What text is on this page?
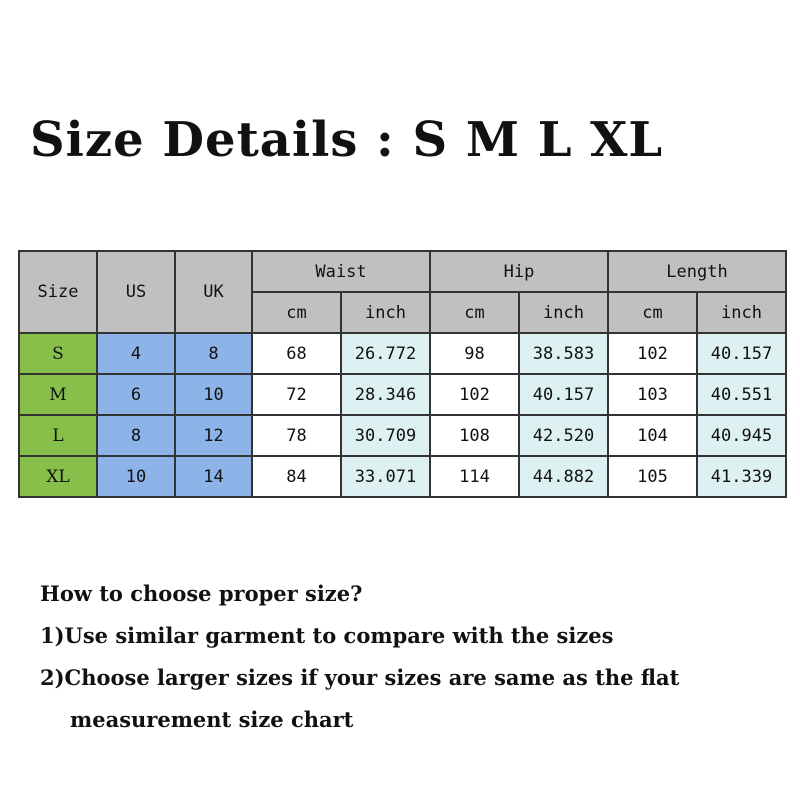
Size Details : S M L XL
Size	US	UK	Waist		Hip		Length	
			cm	inch	cm	inch	cm	inch
S	4	8	68	26.772	98	38.583	102	40.157
M	6	10	72	28.346	102	40.157	103	40.551
L	8	12	78	30.709	108	42.520	104	40.945
XL	10	14	84	33.071	114	44.882	105	41.339
How to choose proper size?
1)Use similar garment to compare with the sizes
2)Choose larger sizes if your sizes are same as the flat
measurement size chart
